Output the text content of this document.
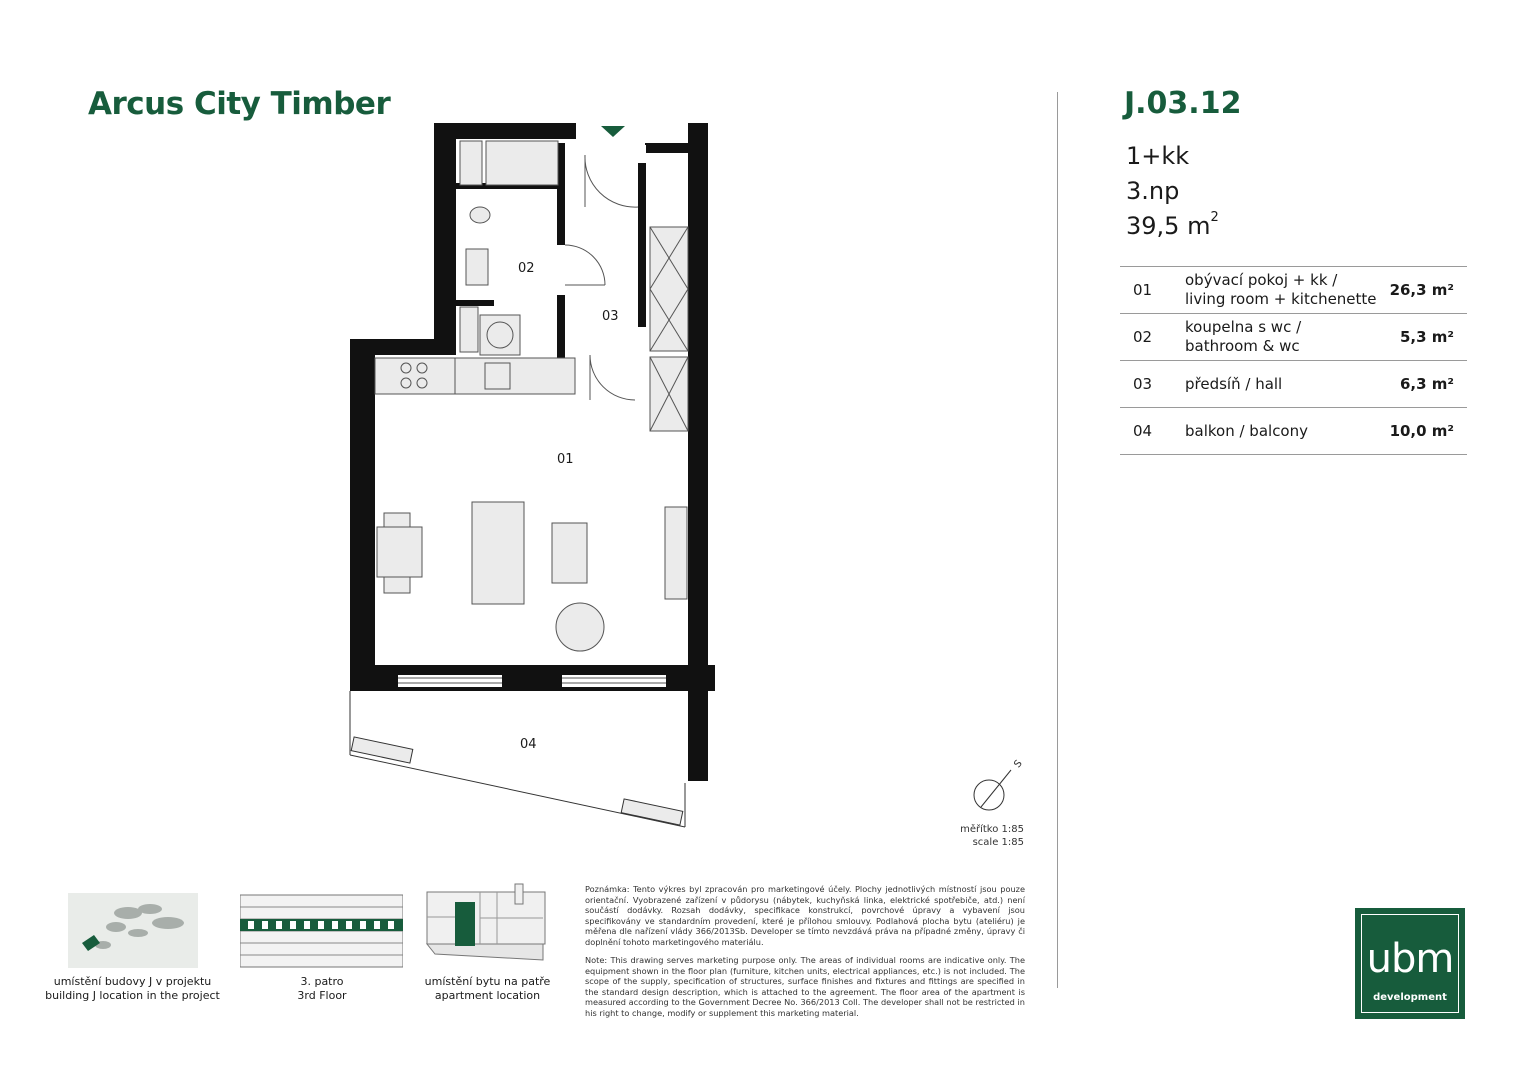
Arcus City Timber	J.03.12
1+kk
3.np
39,5 $m^2$
01	obývací pokoj + kk /
living room + kitchenette	26,3 m²
02	koupelna s wc /
bathroom & wc	5,3 m²
03	předsíň / hall	6,3 m²
04	balkon / balcony	10,0 m²
01
02
03
04
S
měřítko 1:85
scale 1:85
umístění budovy J v projektu
building J location in the project
3. patro
3rd Floor
umístění bytu na patře
apartment location
Poznámka: Tento výkres byl zpracován pro marketingové účely. Plochy jednotlivých místností jsou pouze orientační. Vyobrazené zařízení v půdorysu (nábytek, kuchyňská linka, elektrické spotřebiče, atd.) není součástí dodávky. Rozsah dodávky, specifikace konstrukcí, povrchové úpravy a vybavení jsou specifikovány ve standardním provedení, které je přílohou smlouvy. Podlahová plocha bytu (ateliéru) je měřena dle nařízení vlády 366/2013Sb. Developer se tímto nevzdává práva na případné změny, úpravy či doplnění tohoto marketingového materiálu.
Note: This drawing serves marketing purpose only. The areas of individual rooms are indicative only. The equipment shown in the floor plan (furniture, kitchen units, electrical appliances, etc.) is not included. The scope of the supply, specification of structures, surface finishes and fixtures and fittings are specified in the standard design description, which is attached to the agreement. The floor area of the apartment is measured according to the Government Decree No. 366/2013 Coll. The developer shall not be restricted in his right to change, modify or supplement this marketing material.
ubm
development
